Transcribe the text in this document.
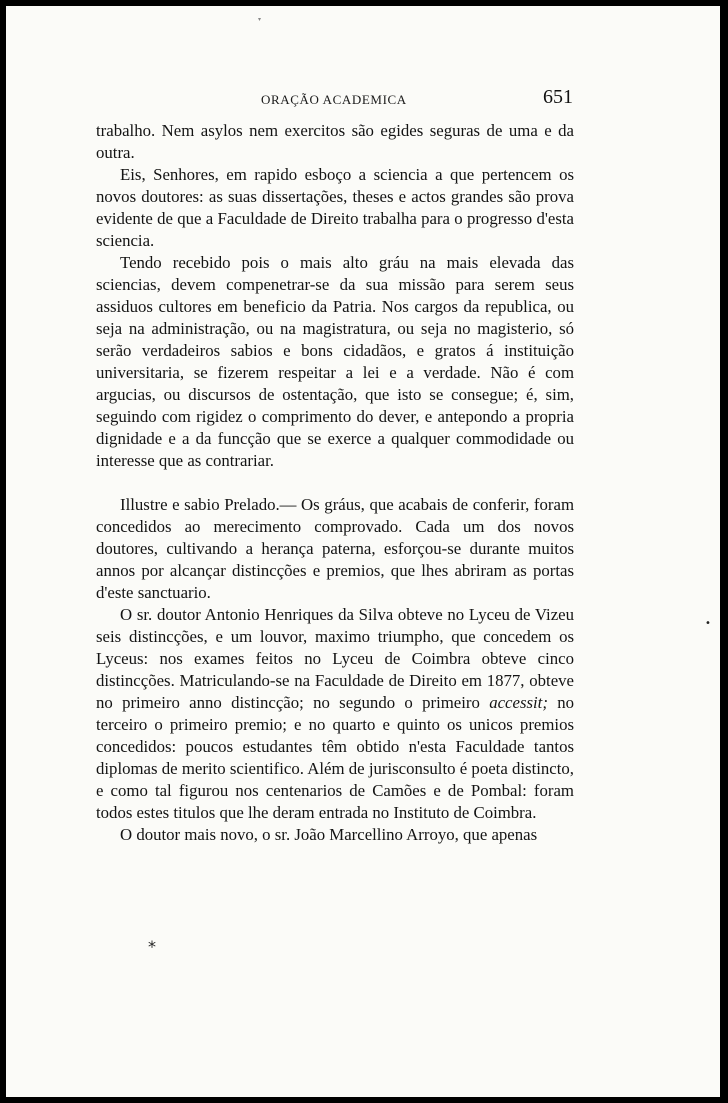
▾
ORAÇÃO ACADEMICA	651

trabalho. Nem asylos nem exercitos são egides seguras de uma e da outra.

Eis, Senhores, em rapido esboço a sciencia a que pertencem os novos doutores: as suas dissertações, theses e actos grandes são prova evidente de que a Faculdade de Direito trabalha para o progresso d'esta sciencia.

Tendo recebido pois o mais alto gráu na mais elevada das sciencias, devem compenetrar-se da sua missão para serem seus assiduos cultores em beneficio da Patria. Nos cargos da republica, ou seja na administração, ou na magistratura, ou seja no magisterio, só serão verdadeiros sabios e bons cidadãos, e gratos á instituição universitaria, se fizerem respeitar a lei e a verdade. Não é com argucias, ou discursos de ostentação, que isto se consegue; é, sim, seguindo com rigidez o comprimento do dever, e antepondo a propria dignidade e a da funcção que se exerce a qualquer commodidade ou interesse que as contrariar.

Illustre e sabio Prelado.— Os gráus, que acabais de conferir, foram concedidos ao merecimento comprovado. Cada um dos novos doutores, cultivando a herança paterna, esforçou-se durante muitos annos por alcançar distincções e premios, que lhes abriram as portas d'este sanctuario.

O sr. doutor Antonio Henriques da Silva obteve no Lyceu de Vizeu seis distincções, e um louvor, maximo triumpho, que concedem os Lyceus: nos exames feitos no Lyceu de Coimbra obteve cinco distincções. Matriculando-se na Faculdade de Direito em 1877, obteve no primeiro anno distincção; no segundo o primeiro accessit; no terceiro o primeiro premio; e no quarto e quinto os unicos premios concedidos: poucos estudantes têm obtido n'esta Faculdade tantos diplomas de merito scientifico. Além de jurisconsulto é poeta distincto, e como tal figurou nos centenarios de Camões e de Pombal: foram todos estes titulos que lhe deram entrada no Instituto de Coimbra.

O doutor mais novo, o sr. João Marcellino Arroyo, que apenas

•
*
